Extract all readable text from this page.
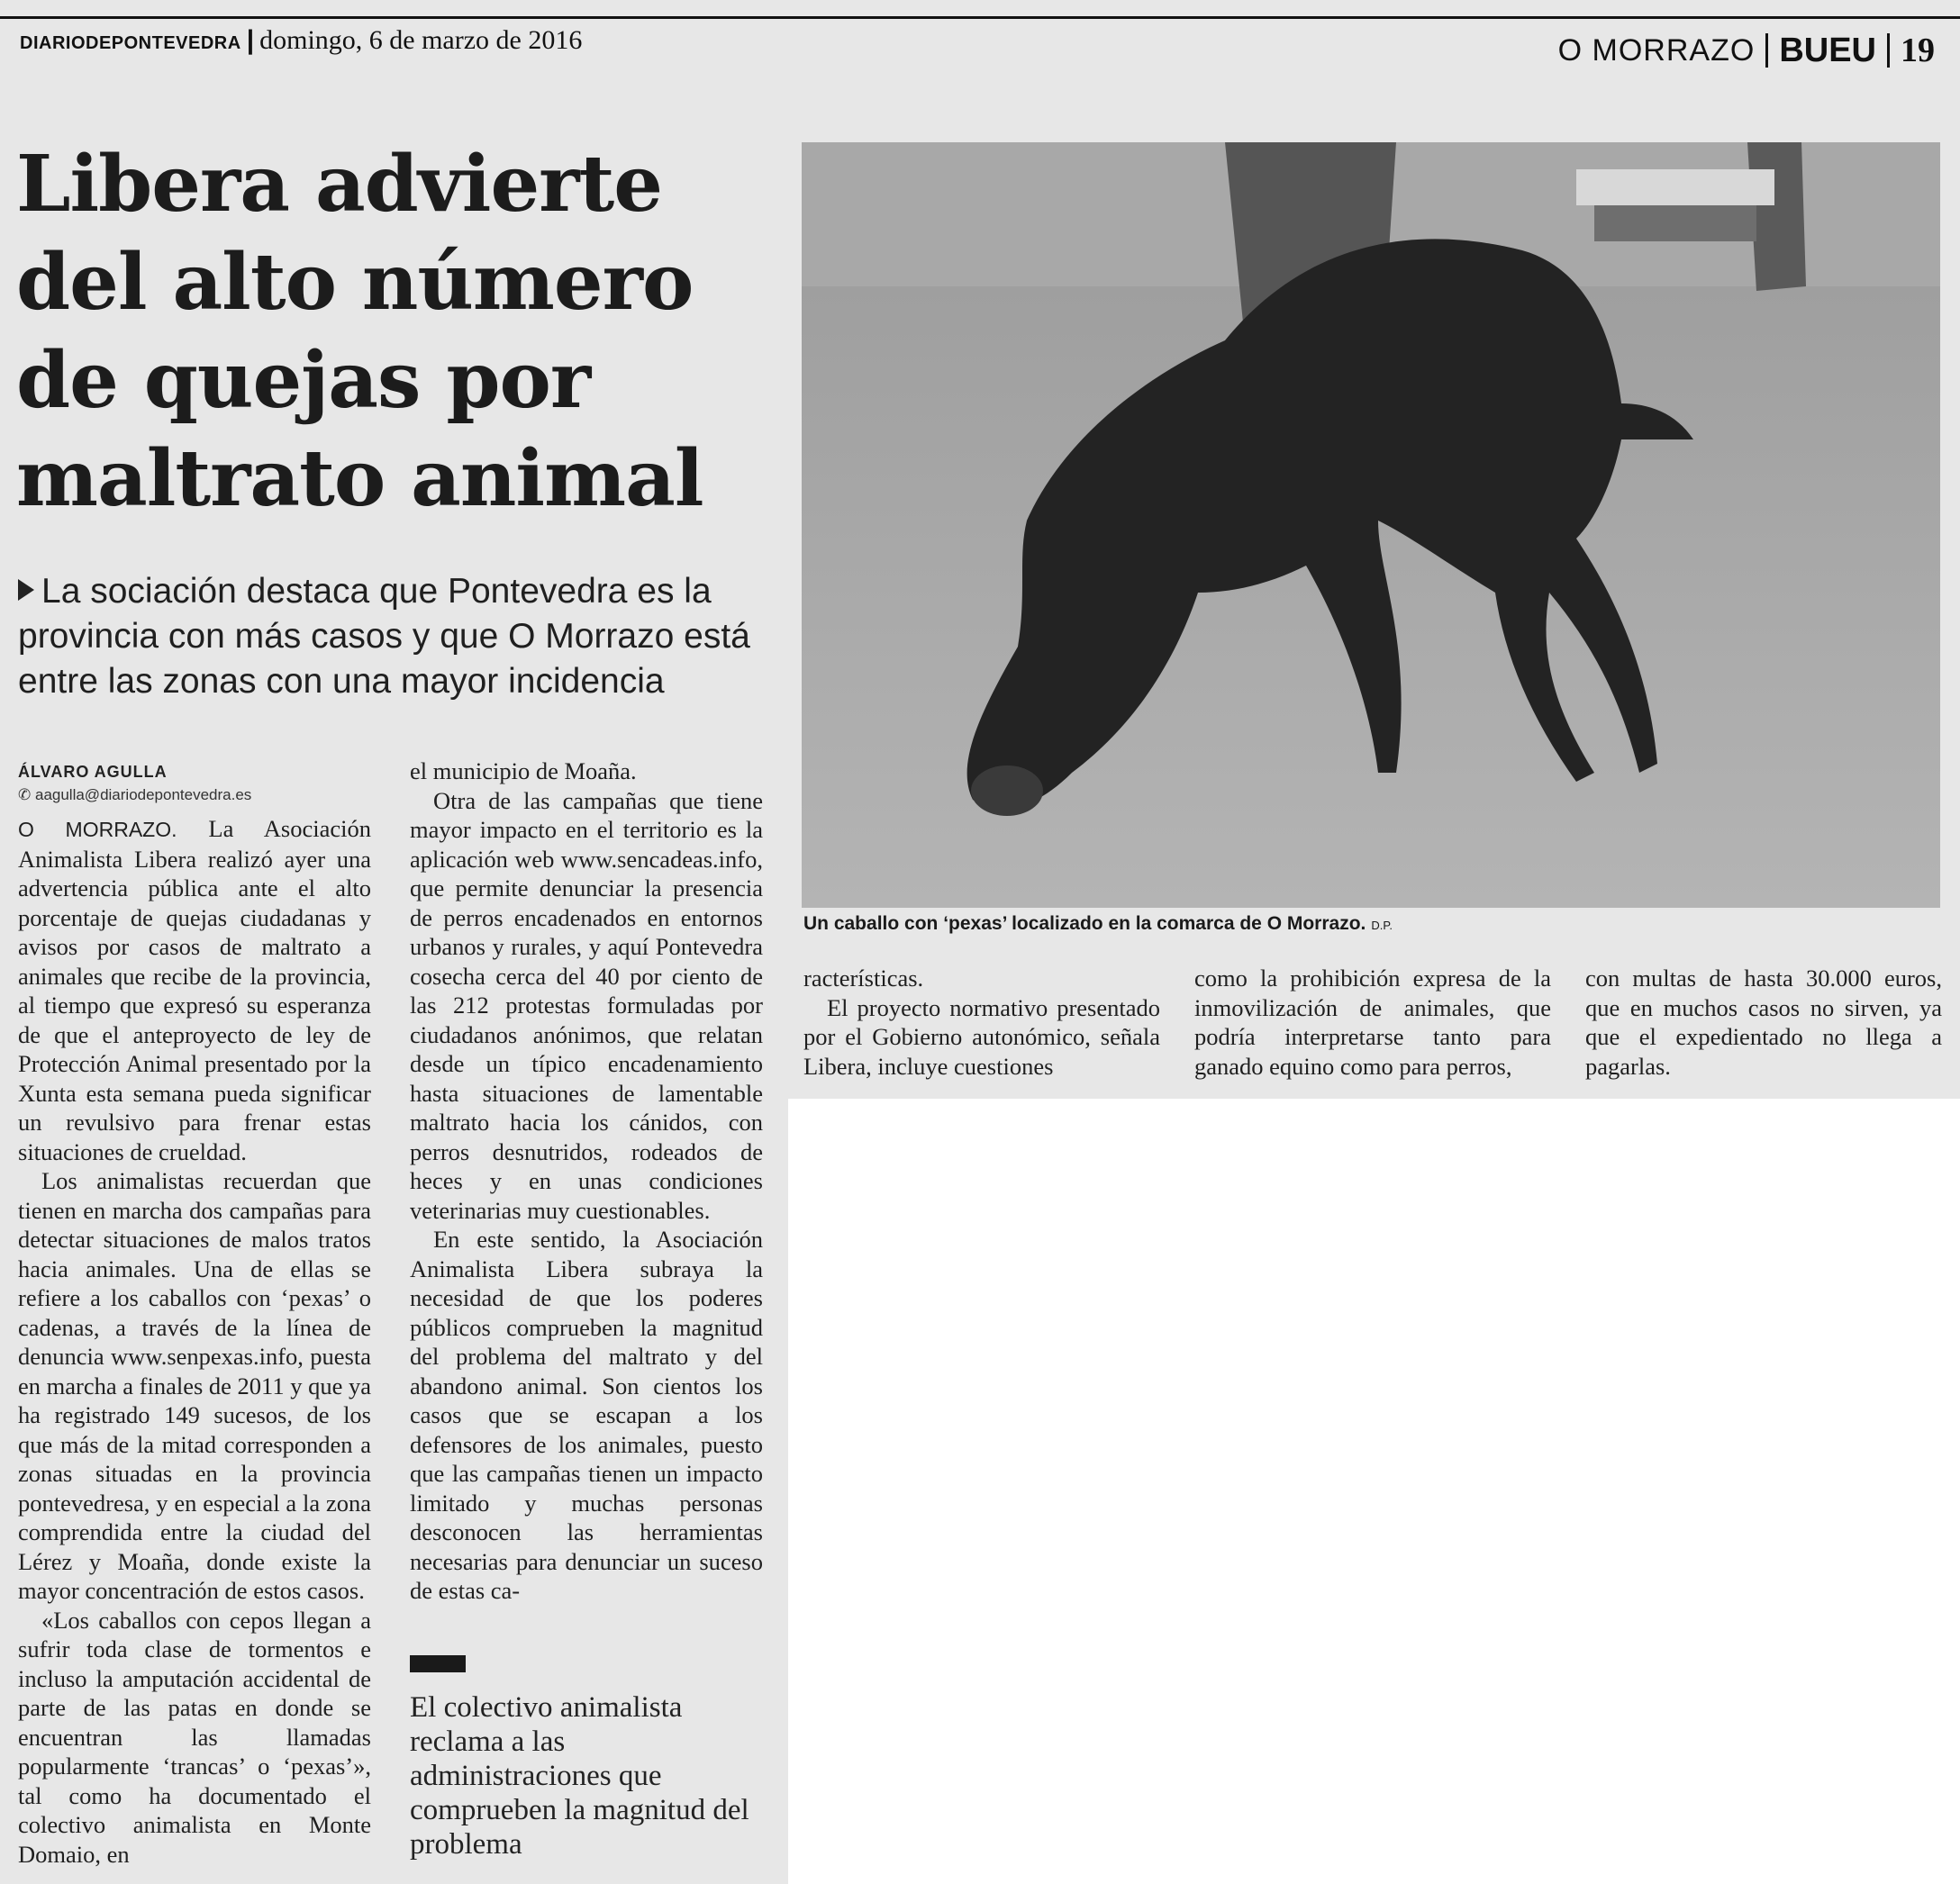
DIARIODEPONTEVEDRA | domingo, 6 de marzo de 2016	O MORRAZO BUEU 19
Libera advierte del alto número de quejas por maltrato animal

La sociación destaca que Pontevedra es la provincia con más casos y que O Morrazo está entre las zonas con una mayor incidencia

ÁLVARO AGULLA
✆ aagulla@diariodepontevedra.es

O MORRAZO. La Asociación Animalista Libera realizó ayer una advertencia pública ante el alto porcentaje de quejas ciudadanas y avisos por casos de maltrato a animales que recibe de la provincia, al tiempo que expresó su esperanza de que el anteproyecto de ley de Protección Animal presentado por la Xunta esta semana pueda significar un revulsivo para frenar estas situaciones de crueldad.

Los animalistas recuerdan que tienen en marcha dos campañas para detectar situaciones de malos tratos hacia animales. Una de ellas se refiere a los caballos con ‘pexas’ o cadenas, a través de la línea de denuncia www.senpexas.info, puesta en marcha a finales de 2011 y que ya ha registrado 149 sucesos, de los que más de la mitad corresponden a zonas situadas en la provincia pontevedresa, y en especial a la zona comprendida entre la ciudad del Lérez y Moaña, donde existe la mayor concentración de estos casos.

«Los caballos con cepos llegan a sufrir toda clase de tormentos e incluso la amputación accidental de parte de las patas en donde se encuentran las llamadas popularmente ‘trancas’ o ‘pexas’», tal como ha documentado el colectivo animalista en Monte Domaio, en

el municipio de Moaña.

Otra de las campañas que tiene mayor impacto en el territorio es la aplicación web www.sencadeas.info, que permite denunciar la presencia de perros encadenados en entornos urbanos y rurales, y aquí Pontevedra cosecha cerca del 40 por ciento de las 212 protestas formuladas por ciudadanos anónimos, que relatan desde un típico encadenamiento hasta situaciones de lamentable maltrato hacia los cánidos, con perros desnutridos, rodeados de heces y en unas condiciones veterinarias muy cuestionables.

En este sentido, la Asociación Animalista Libera subraya la necesidad de que los poderes públicos comprueben la magnitud del problema del maltrato y del abandono animal. Son cientos los casos que se escapan a los defensores de los animales, puesto que las campañas tienen un impacto limitado y muchas personas desconocen las herramientas necesarias para denunciar un suceso de estas ca-

Un caballo con ‘pexas’ localizado en la comarca de O Morrazo. D.P.

racterísticas.

El proyecto normativo presentado por el Gobierno autonómico, señala Libera, incluye cuestiones

como la prohibición expresa de la inmovilización de animales, que podría interpretarse tanto para ganado equino como para perros,

con multas de hasta 30.000 euros, que en muchos casos no sirven, ya que el expedientado no llega a pagarlas.

El colectivo animalista reclama a las administraciones que comprueben la magnitud del problema
